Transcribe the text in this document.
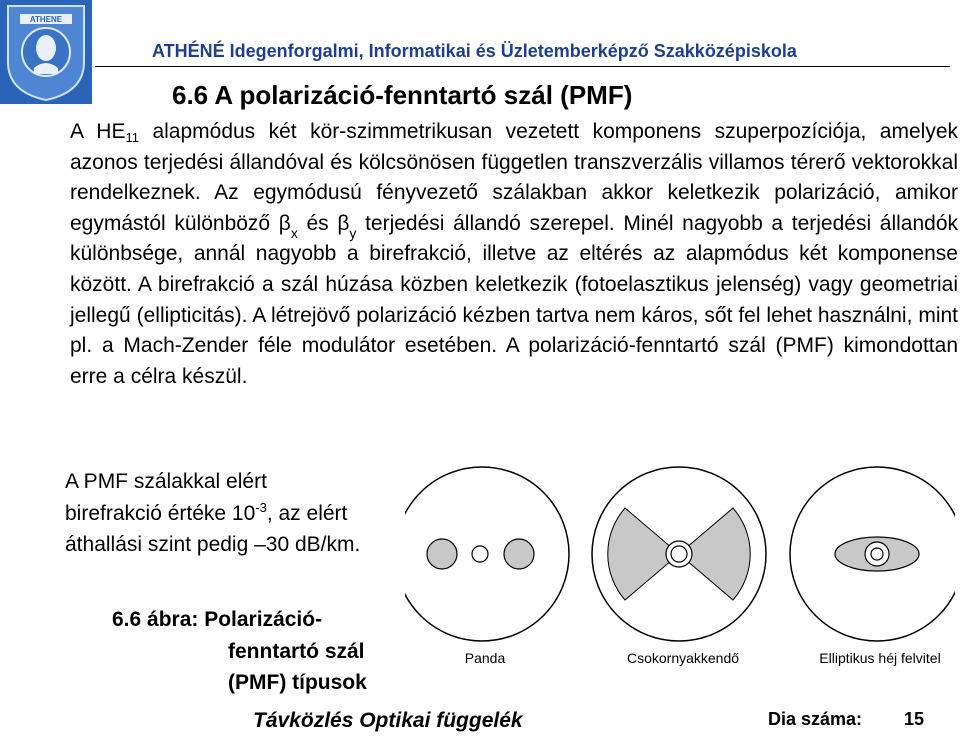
ATHENE
ATHÉNÉ Idegenforgalmi, Informatikai és Üzletemberképző Szakközépiskola
6.6 A polarizáció-fenntartó szál (PMF)
A $HE_{11}$ alapmódus két kör-szimmetrikusan vezetett komponens szuperpozíciója, amelyek azonos terjedési állandóval és kölcsönösen független transzverzális villamos térerő vektorokkal rendelkeznek. Az egymódusú fényvezető szálakban akkor keletkezik polarizáció, amikor egymástól különböző $\beta_x$ és $\beta_y$ terjedési állandó szerepel. Minél nagyobb a terjedési állandók különbsége, annál nagyobb a birefrakció, illetve az eltérés az alapmódus két komponense között. A birefrakció a szál húzása közben keletkezik (fotoelasztikus jelenség) vagy geometriai jellegű (ellipticitás). A létrejövő polarizáció kézben tartva nem káros, sőt fel lehet használni, mint pl. a Mach-Zender féle modulátor esetében. A polarizáció-fenntartó szál (PMF) kimondottan erre a célra készül.
A PMF szálakkal elért birefrakció értéke $10^{-3}$, az elért áthallási szint pedig –30 dB/km.
6.6 ábra: Polarizáció-
fenntartó szál
(PMF) típusok
Panda	Csokornyakkendő	Elliptikus héj felvitel
Távközlés Optikai függelék	Dia száma: 15
